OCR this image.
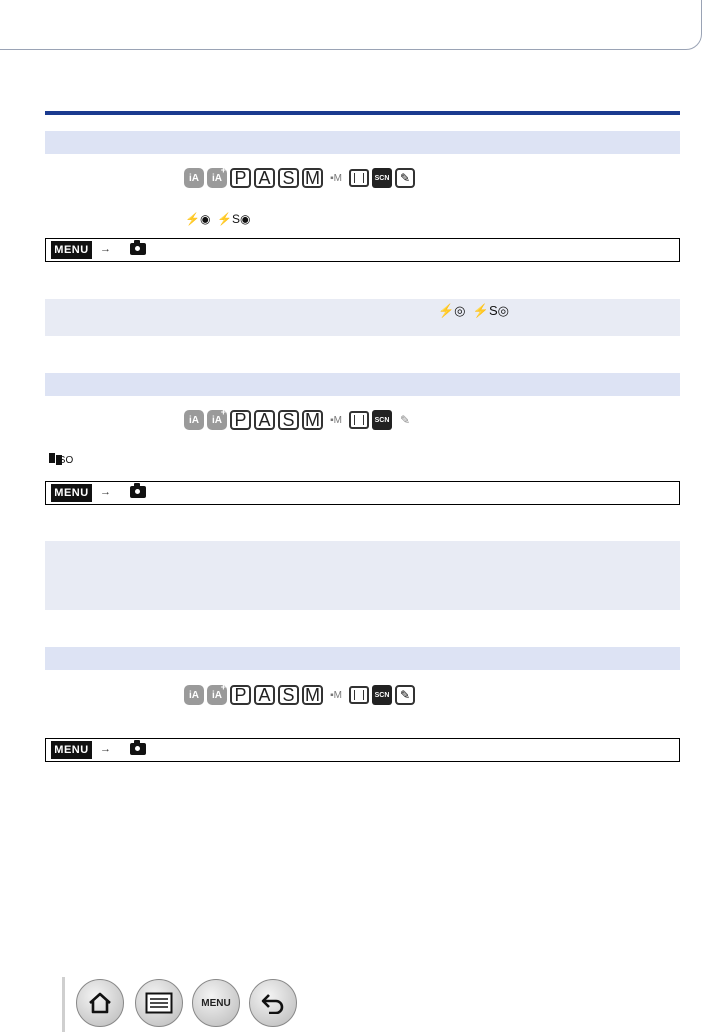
iA	iA + P A S M	▪M	SCN ✎
⚡◉  ⚡S◉
MENU	→
⚡◎  ⚡S◎
iA	iA + P A S M	▪M	SCN ✎
ISO
MENU	→
iA	iA + P A S M	▪M	SCN ✎
MENU	→
MENU
